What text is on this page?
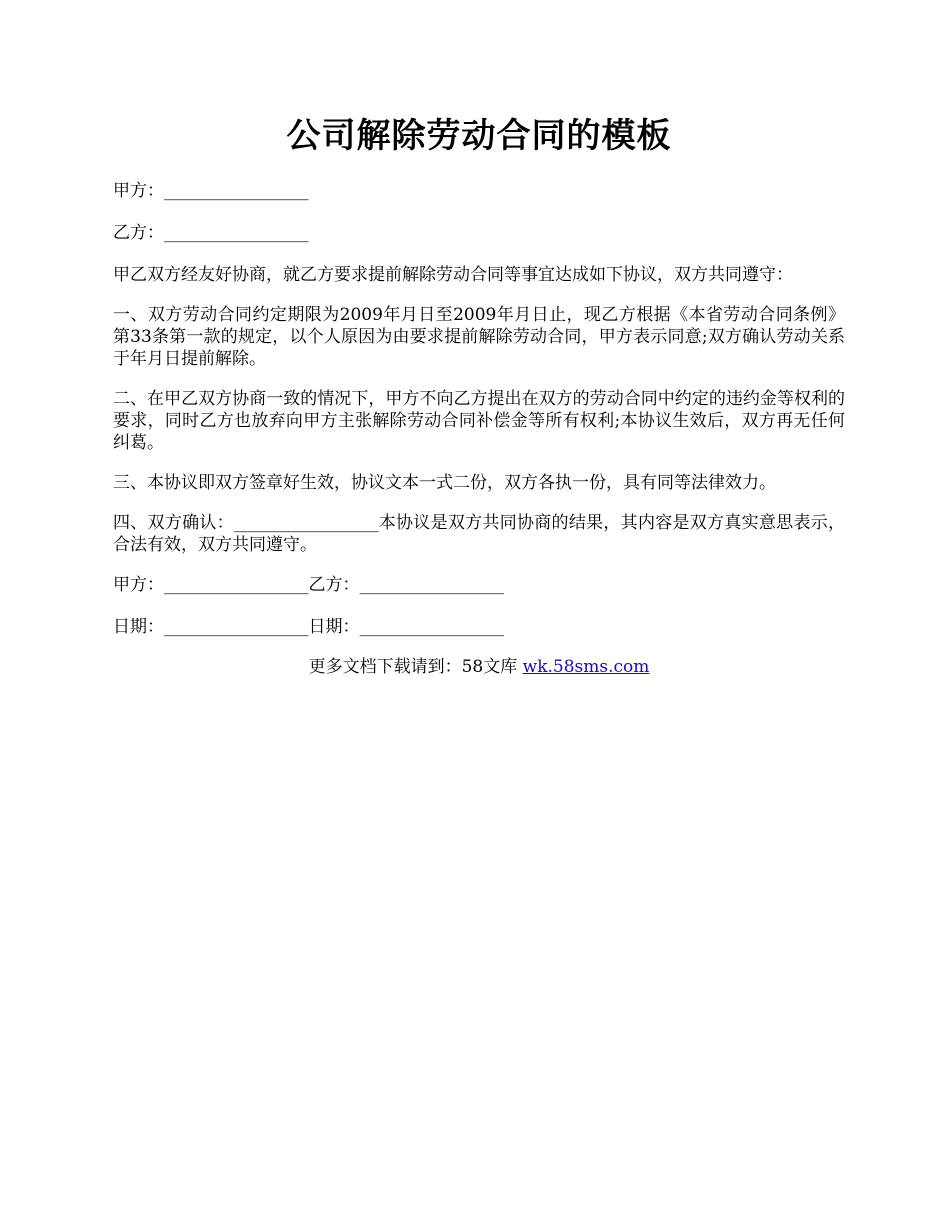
公司解除劳动合同的模板

甲方：_________________

乙方：_________________

甲乙双方经友好协商，就乙方要求提前解除劳动合同等事宜达成如下协议，双方共同遵守：

一、双方劳动合同约定期限为2009年月日至2009年月日止，现乙方根据《本省劳动合同条例》第33条第一款的规定，以个人原因为由要求提前解除劳动合同，甲方表示同意;双方确认劳动关系于年月日提前解除。

二、在甲乙双方协商一致的情况下，甲方不向乙方提出在双方的劳动合同中约定的违约金等权利的要求，同时乙方也放弃向甲方主张解除劳动合同补偿金等所有权利;本协议生效后，双方再无任何纠葛。

三、本协议即双方签章好生效，协议文本一式二份，双方各执一份，具有同等法律效力。

四、双方确认：_________________本协议是双方共同协商的结果，其内容是双方真实意思表示，合法有效，双方共同遵守。

甲方：_________________乙方：_________________

日期：_________________日期：_________________

更多文档下载请到：58文库 wk.58sms.com
